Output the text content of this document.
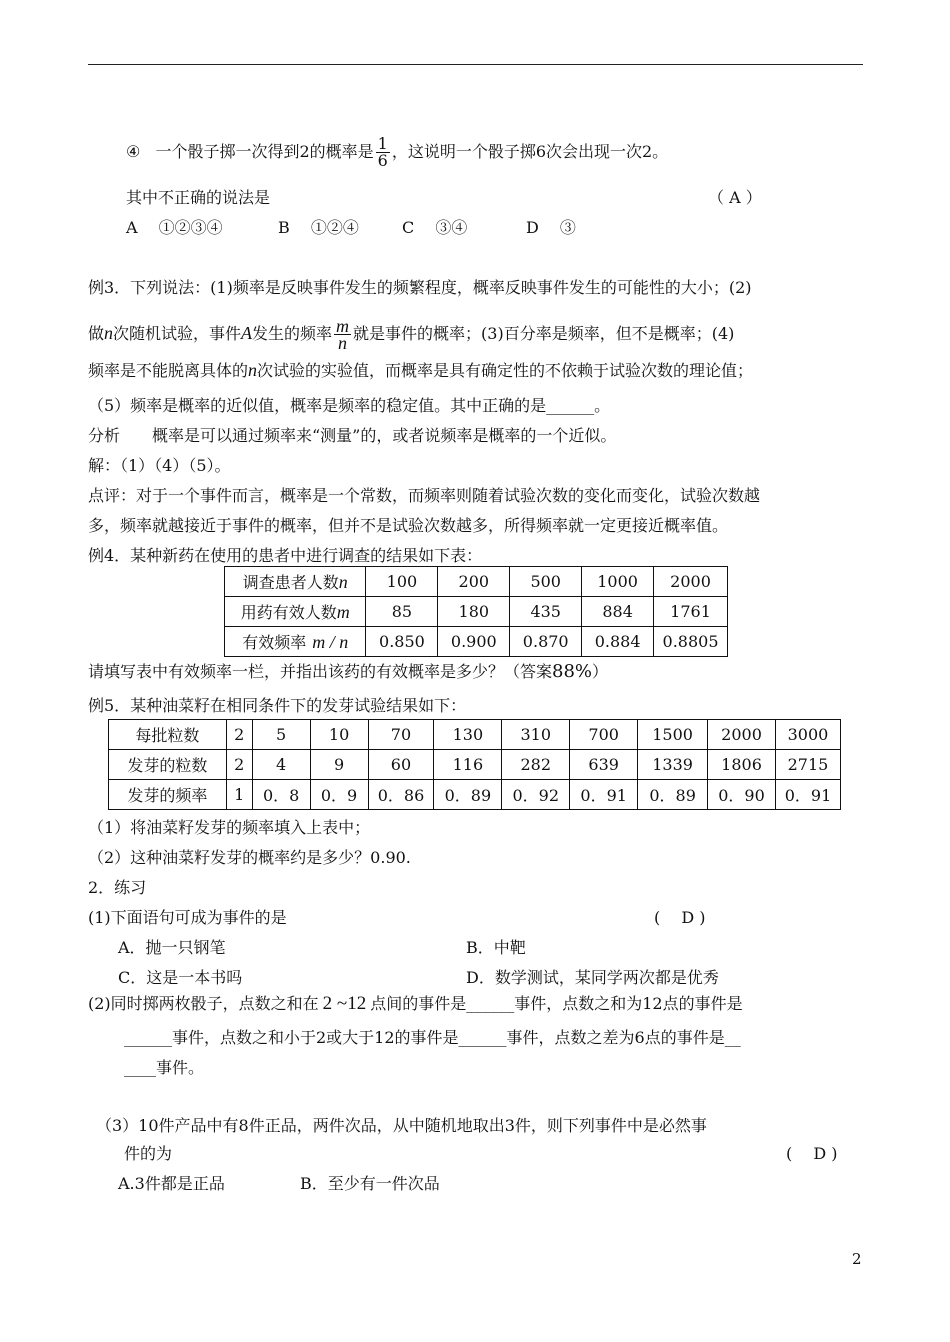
④ 一个骰子掷一次得到2的概率是 $\frac{1}{6}$ ，这说明一个骰子掷6次会出现一次2。
其中不正确的说法是	（ A ）
A　 ①②③④	B　 ①②④	C　 ③④	D　 ③
例3．下列说法：(1)频率是反映事件发生的频繁程度，概率反映事件发生的可能性的大小；(2)
做n次随机试验，事件A发生的频率 $\frac{m}{n}$ 就是事件的概率；(3)百分率是频率，但不是概率；(4)
频率是不能脱离具体的n次试验的实验值，而概率是具有确定性的不依赖于试验次数的理论值；
（5）频率是概率的近似值，概率是频率的稳定值。其中正确的是______。
分析　　概率是可以通过频率来“测量”的，或者说频率是概率的一个近似。
解：（1）（4）（5）。
点评：对于一个事件而言，概率是一个常数，而频率则随着试验次数的变化而变化，试验次数越
多，频率就越接近于事件的概率，但并不是试验次数越多，所得频率就一定更接近概率值。
例4．某种新药在使用的患者中进行调查的结果如下表：
调查患者人数n	100	200	500	1000	2000
用药有效人数m	85	180	435	884	1761
有效频率 m / n	0.850	0.900	0.870	0.884	0.8805
请填写表中有效频率一栏，并指出该药的有效概率是多少？（答案88%）
例5．某种油菜籽在相同条件下的发芽试验结果如下：
每批粒数	2	5	10	70	130	310	700	1500	2000	3000
发芽的粒数	2	4	9	60	116	282	639	1339	1806	2715
发芽的频率	1	0．8	0．9	0．86	0．89	0．92	0．91	0．89	0．90	0．91
（1）将油菜籽发芽的频率填入上表中；
（2）这种油菜籽发芽的概率约是多少？0.90.
2．练习
(1)下面语句可成为事件的是	(　 D )
A．抛一只钢笔	B．中靶
C．这是一本书吗	D．数学测试，某同学两次都是优秀
(2)同时掷两枚骰子，点数之和在 2 ~12 点间的事件是______事件，点数之和为12点的事件是
______事件，点数之和小于2或大于12的事件是______事件，点数之差为6点的事件是__
____事件。
（3）10件产品中有8件正品，两件次品，从中随机地取出3件，则下列事件中是必然事
件的为	(　 D )
A.3件都是正品	B．至少有一件次品
2
